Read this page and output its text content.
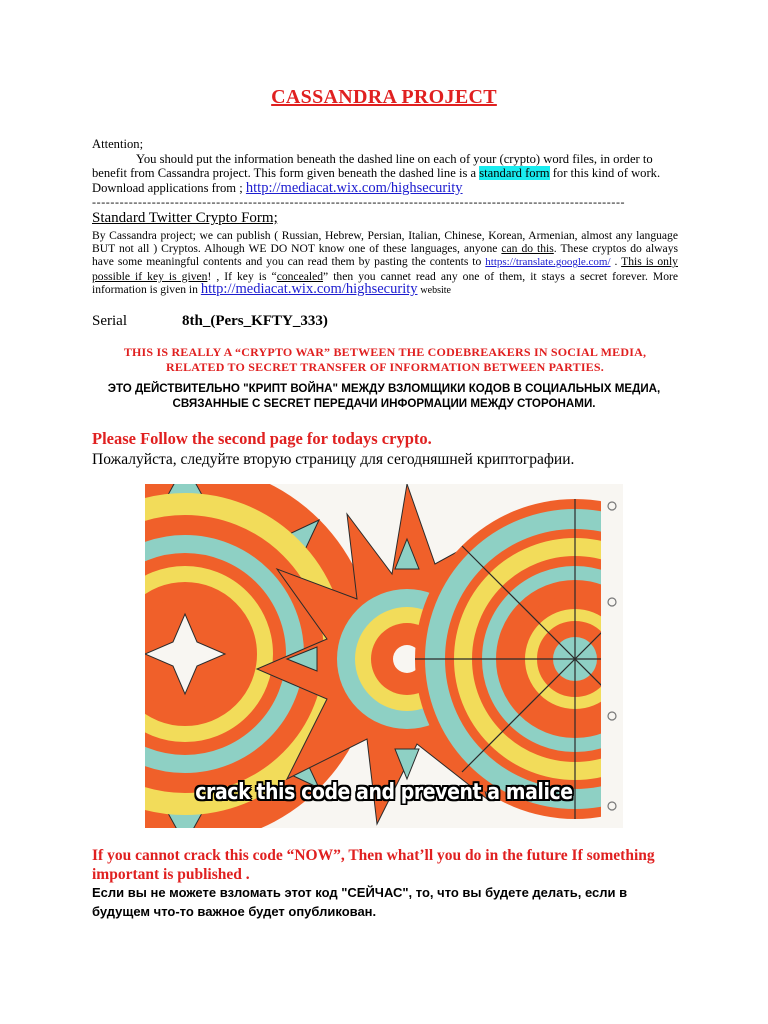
CASSANDRA PROJECT
Attention;
You should put the information beneath the dashed line on each of your (crypto) word files, in order to benefit from Cassandra project. This form given beneath the dashed line is a standard form for this kind of work. Download applications from ; http://mediacat.wix.com/highsecurity
--------------------------------------------------------------------------------------------------------------------
Standard Twitter Crypto Form;
By Cassandra project; we can publish ( Russian, Hebrew, Persian, Italian, Chinese, Korean, Armenian, almost any language BUT not all ) Cryptos. Alhough WE DO NOT know one of these languages, anyone can do this. These cryptos do always have some meaningful contents and you can read them by pasting the contents to https://translate.google.com/ . This is only possible if key is given! , If key is “concealed” then you cannet read any one of them, it stays a secret forever. More information is given in http://mediacat.wix.com/highsecurity website
Serial	8th_(Pers_KFTY_333)
THIS IS REALLY A “CRYPTO WAR” BETWEEN THE CODEBREAKERS IN SOCIAL MEDIA, RELATED TO SECRET TRANSFER OF INFORMATION BETWEEN PARTIES.
ЭТО ДЕЙСТВИТЕЛЬНО "КРИПТ ВОЙНА" МЕЖДУ ВЗЛОМЩИКИ КОДОВ В СОЦИАЛЬНЫХ МЕДИА, СВЯЗАННЫЕ С SECRET ПЕРЕДАЧИ ИНФОРМАЦИИ МЕЖДУ СТОРОНАМИ.
Please Follow the second page for todays crypto.
Пожалуйста, следуйте вторую страницу для сегодняшней криптографии.
crack this code and prevent a malice
If you cannot crack this code “NOW”, Then what’ll you do in the future If something important is published .
Если вы не можете взломать этот код "СЕЙЧАС", то, что вы будете делать, если в будущем что-то важное будет опубликован.
